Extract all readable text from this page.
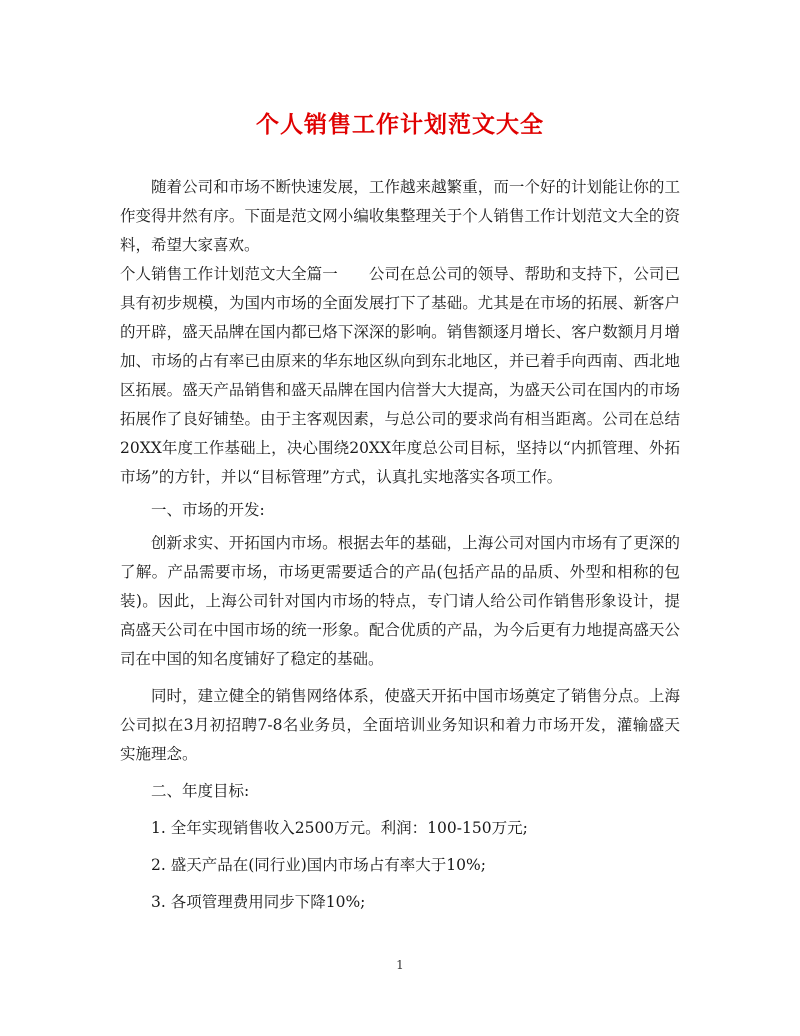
个人销售工作计划范文大全

随着公司和市场不断快速发展，工作越来越繁重，而一个好的计划能让你的工作变得井然有序。下面是范文网小编收集整理关于个人销售工作计划范文大全的资料，希望大家喜欢。

个人销售工作计划范文大全篇一　　公司在总公司的领导、帮助和支持下，公司已具有初步规模，为国内市场的全面发展打下了基础。尤其是在市场的拓展、新客户的开辟，盛天品牌在国内都已烙下深深的影响。销售额逐月增长、客户数额月月增加、市场的占有率已由原来的华东地区纵向到东北地区，并已着手向西南、西北地区拓展。盛天产品销售和盛天品牌在国内信誉大大提高，为盛天公司在国内的市场拓展作了良好铺垫。由于主客观因素，与总公司的要求尚有相当距离。公司在总结20XX年度工作基础上，决心围绕20XX年度总公司目标，坚持以“内抓管理、外拓市场”的方针，并以“目标管理”方式，认真扎实地落实各项工作。

一、市场的开发:

创新求实、开拓国内市场。根据去年的基础，上海公司对国内市场有了更深的了解。产品需要市场，市场更需要适合的产品(包括产品的品质、外型和相称的包装)。因此，上海公司针对国内市场的特点，专门请人给公司作销售形象设计，提高盛天公司在中国市场的统一形象。配合优质的产品，为今后更有力地提高盛天公司在中国的知名度铺好了稳定的基础。

同时，建立健全的销售网络体系，使盛天开拓中国市场奠定了销售分点。上海公司拟在3月初招聘7-8名业务员，全面培训业务知识和着力市场开发，灌输盛天实施理念。

二、年度目标:

1. 全年实现销售收入2500万元。利润：100-150万元;

2. 盛天产品在(同行业)国内市场占有率大于10%;

3. 各项管理费用同步下降10%;

1
